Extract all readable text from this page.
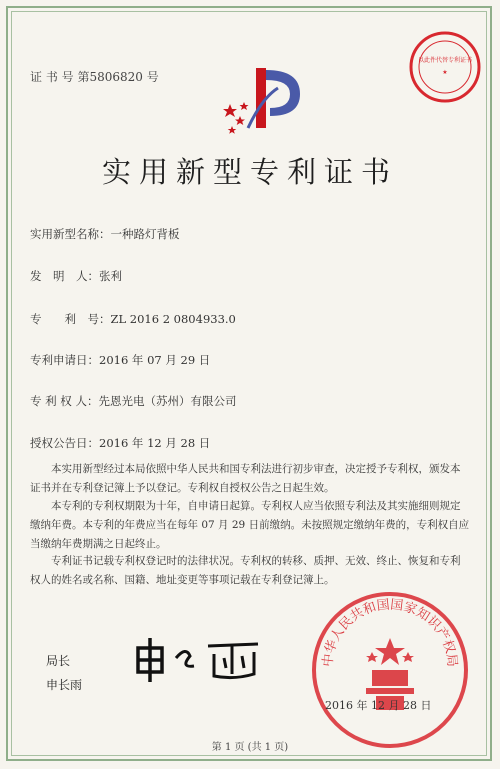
证 书 号 第5806820 号
以此件代替专利证书
★
实用新型专利证书
实用新型名称：一种路灯背板
发　明　人：张利
专　　利　号：ZL 2016 2 0804933.0
专利申请日：2016 年 07 月 29 日
专 利 权 人：先恩光电（苏州）有限公司
授权公告日：2016 年 12 月 28 日
　　本实用新型经过本局依照中华人民共和国专利法进行初步审查，决定授予专利权，颁发本证书并在专利登记簿上予以登记。专利权自授权公告之日起生效。
　　本专利的专利权期限为十年，自申请日起算。专利权人应当依照专利法及其实施细则规定缴纳年费。本专利的年费应当在每年 07 月 29 日前缴纳。未按照规定缴纳年费的，专利权自应当缴纳年费期满之日起终止。
　　专利证书记载专利权登记时的法律状况。专利权的转移、质押、无效、终止、恢复和专利权人的姓名或名称、国籍、地址变更等事项记载在专利登记簿上。
局长
申长雨
中华人民共和国国家知识产权局
2016 年 12 月 28 日
第 1 页 (共 1 页)
